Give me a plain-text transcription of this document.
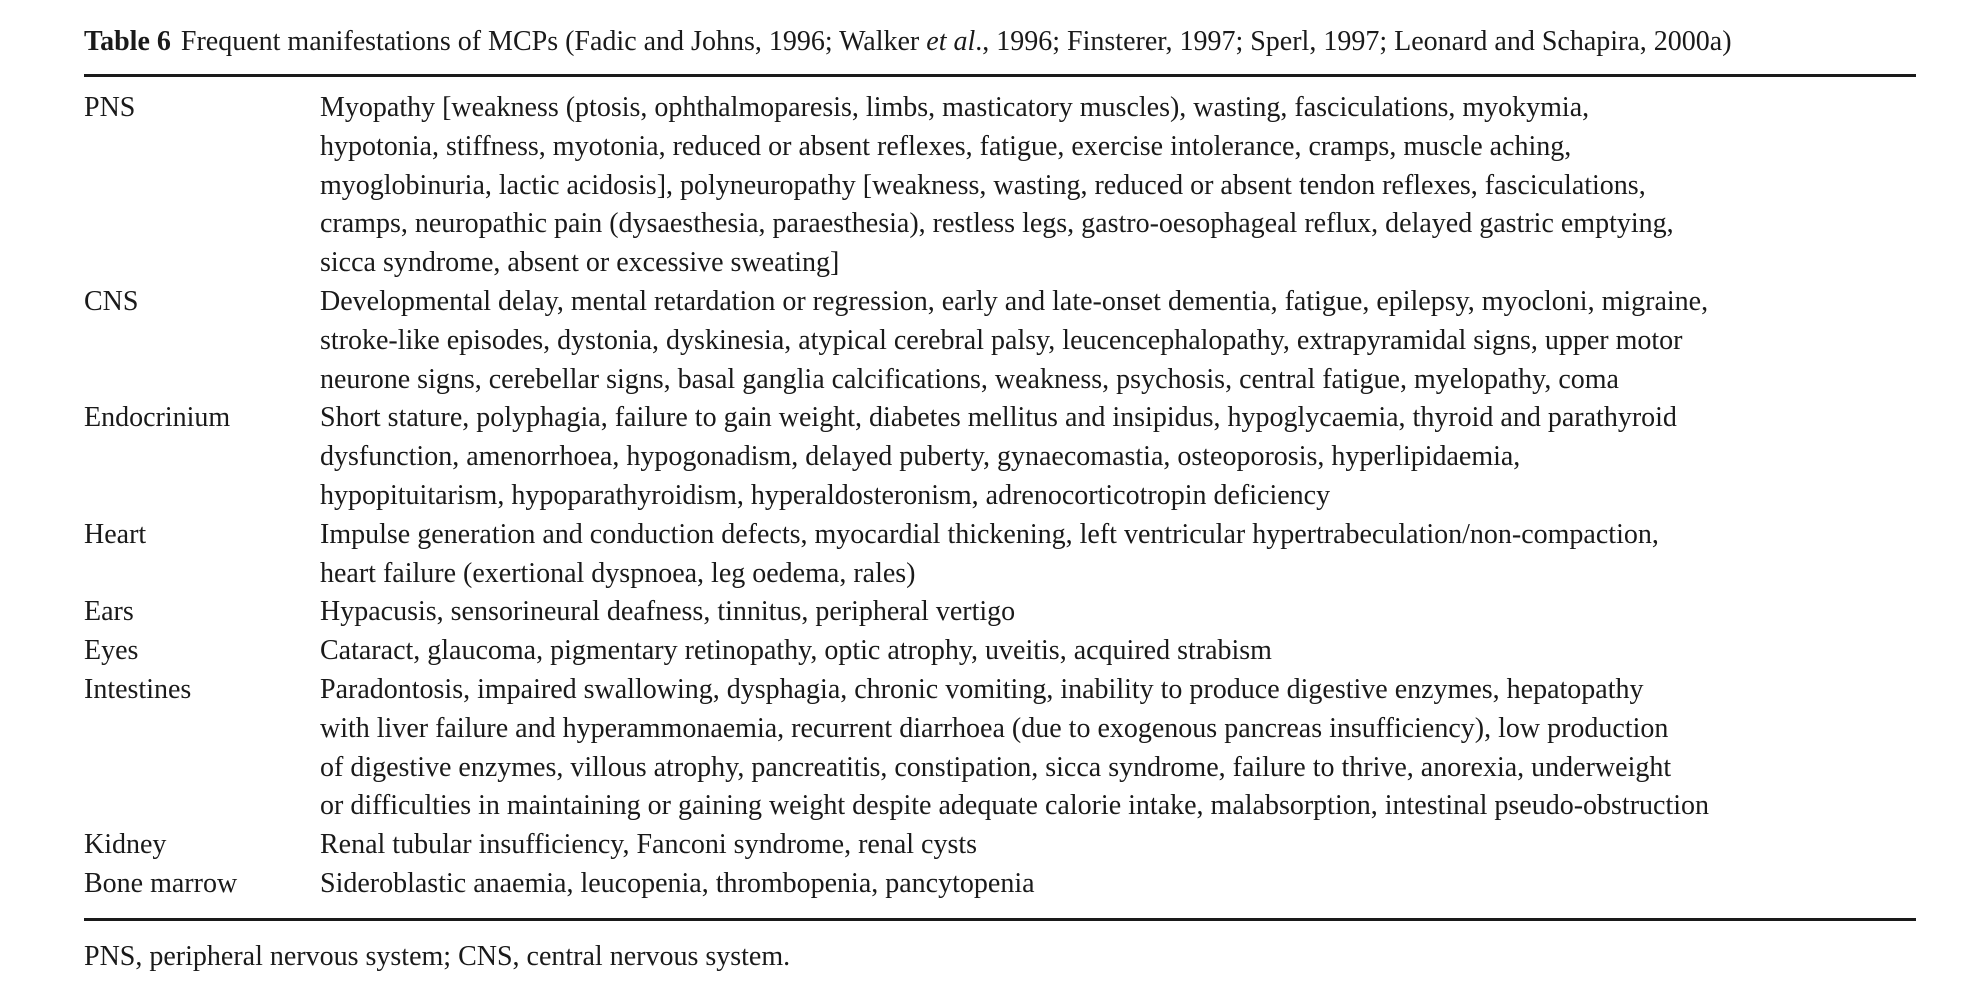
Table 6 Frequent manifestations of MCPs (Fadic and Johns, 1996; Walker et al., 1996; Finsterer, 1997; Sperl, 1997; Leonard and Schapira, 2000a)
PNS	Myopathy [weakness (ptosis, ophthalmoparesis, limbs, masticatory muscles), wasting, fasciculations, myokymia,
hypotonia, stiffness, myotonia, reduced or absent reflexes, fatigue, exercise intolerance, cramps, muscle aching,
myoglobinuria, lactic acidosis], polyneuropathy [weakness, wasting, reduced or absent tendon reflexes, fasciculations,
cramps, neuropathic pain (dysaesthesia, paraesthesia), restless legs, gastro-oesophageal reflux, delayed gastric emptying,
sicca syndrome, absent or excessive sweating]
CNS	Developmental delay, mental retardation or regression, early and late-onset dementia, fatigue, epilepsy, myocloni, migraine,
stroke-like episodes, dystonia, dyskinesia, atypical cerebral palsy, leucencephalopathy, extrapyramidal signs, upper motor
neurone signs, cerebellar signs, basal ganglia calcifications, weakness, psychosis, central fatigue, myelopathy, coma
Endocrinium	Short stature, polyphagia, failure to gain weight, diabetes mellitus and insipidus, hypoglycaemia, thyroid and parathyroid
dysfunction, amenorrhoea, hypogonadism, delayed puberty, gynaecomastia, osteoporosis, hyperlipidaemia,
hypopituitarism, hypoparathyroidism, hyperaldosteronism, adrenocorticotropin deficiency
Heart	Impulse generation and conduction defects, myocardial thickening, left ventricular hypertrabeculation/non-compaction,
heart failure (exertional dyspnoea, leg oedema, rales)
Ears	Hypacusis, sensorineural deafness, tinnitus, peripheral vertigo
Eyes	Cataract, glaucoma, pigmentary retinopathy, optic atrophy, uveitis, acquired strabism
Intestines	Paradontosis, impaired swallowing, dysphagia, chronic vomiting, inability to produce digestive enzymes, hepatopathy
with liver failure and hyperammonaemia, recurrent diarrhoea (due to exogenous pancreas insufficiency), low production
of digestive enzymes, villous atrophy, pancreatitis, constipation, sicca syndrome, failure to thrive, anorexia, underweight
or difficulties in maintaining or gaining weight despite adequate calorie intake, malabsorption, intestinal pseudo-obstruction
Kidney	Renal tubular insufficiency, Fanconi syndrome, renal cysts
Bone marrow	Sideroblastic anaemia, leucopenia, thrombopenia, pancytopenia
PNS, peripheral nervous system; CNS, central nervous system.
